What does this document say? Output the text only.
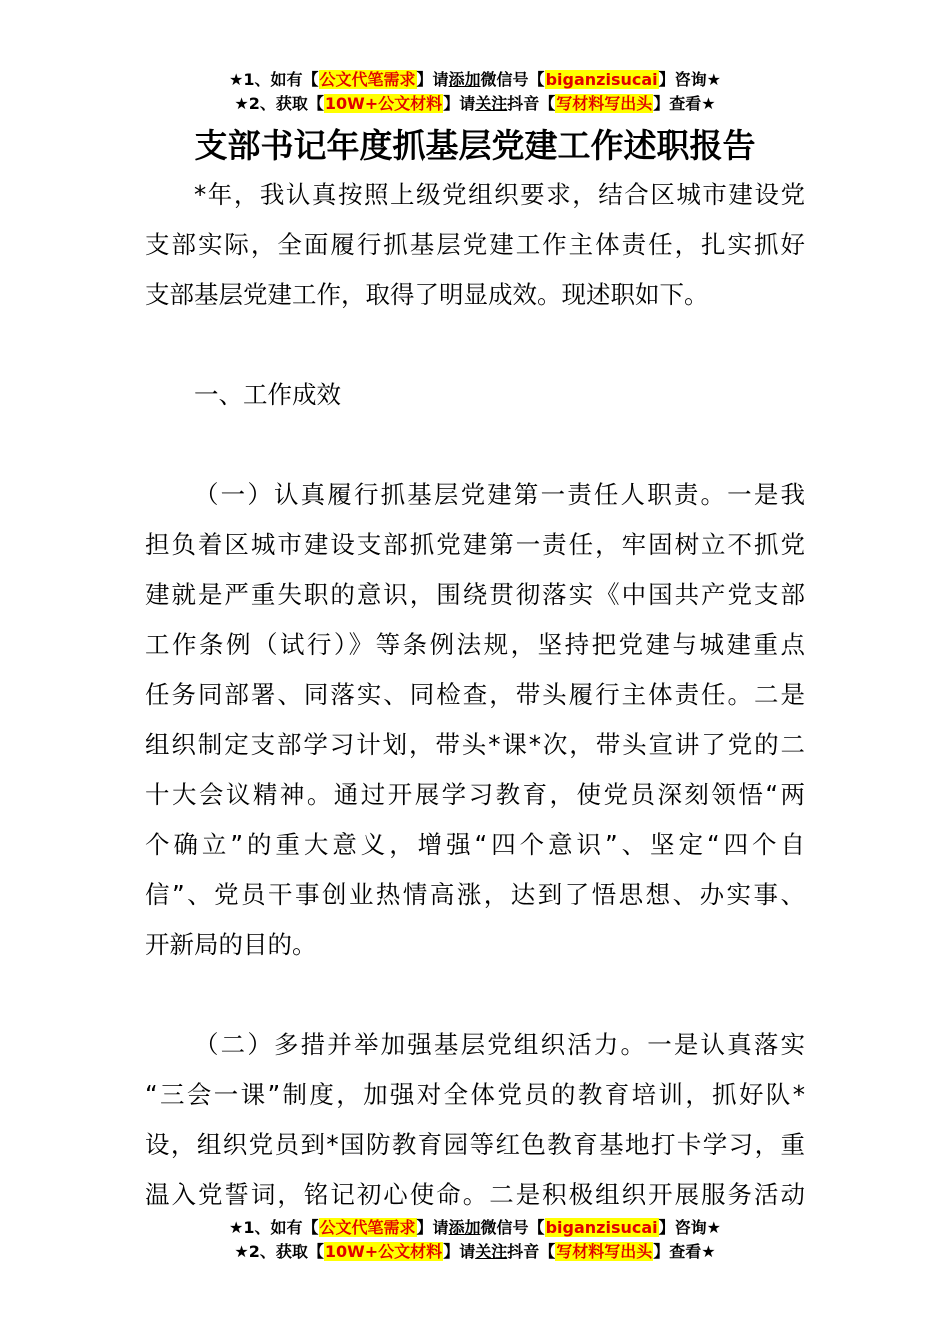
★1、如有【公文代笔需求】请添加微信号【biganzisucai】咨询★
★2、获取【10W+公文材料】请关注抖音【写材料写出头】查看★
支部书记年度抓基层党建工作述职报告

*年，我认真按照上级党组织要求，结合区城市建设党
支部实际，全面履行抓基层党建工作主体责任，扎实抓好
支部基层党建工作，取得了明显成效。现述职如下。

一、工作成效

（一）认真履行抓基层党建第一责任人职责。一是我
担负着区城市建设支部抓党建第一责任，牢固树立不抓党
建就是严重失职的意识，围绕贯彻落实《中国共产党支部
工作条例（试行）》等条例法规，坚持把党建与城建重点
任务同部署、同落实、同检查，带头履行主体责任。二是
组织制定支部学习计划，带头*课*次，带头宣讲了党的二
十大会议精神。通过开展学习教育，使党员深刻领悟“两
个确立”的重大意义，增强“四个意识”、坚定“四个自
信”、党员干事创业热情高涨，达到了悟思想、办实事、
开新局的目的。

（二）多措并举加强基层党组织活力。一是认真落实
“三会一课”制度，加强对全体党员的教育培训，抓好队*
设，组织党员到*国防教育园等红色教育基地打卡学习，重
温入党誓词，铭记初心使命。二是积极组织开展服务活动

★1、如有【公文代笔需求】请添加微信号【biganzisucai】咨询★
★2、获取【10W+公文材料】请关注抖音【写材料写出头】查看★
